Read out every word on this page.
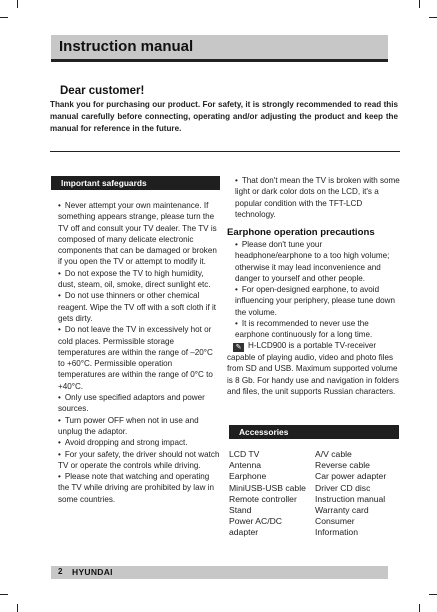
Instruction manual
Dear customer!
Thank you for purchasing our product. For safety, it is strongly recommended to read this manual carefully before connecting, operating and/or adjusting the product and keep the manual for reference in the future.
Important safeguards

• Never attempt your own maintenance. If something appears strange, please turn the TV off and consult your TV dealer. The TV is composed of many delicate electronic components that can be damaged or broken if you open the TV or attempt to modify it.

• Do not expose the TV to high humidity, dust, steam, oil, smoke, direct sunlight etc.

• Do not use thinners or other chemical reagent. Wipe the TV off with a soft cloth if it gets dirty.

• Do not leave the TV in excessively hot or cold places. Permissible storage temperatures are within the range of –20°C to +60°C. Permissible operation temperatures are within the range of 0°C to +40°C.

• Only use specified adaptors and power sources.

• Turn power OFF when not in use and unplug the adaptor.

• Avoid dropping and strong impact.

• For your safety, the driver should not watch TV or operate the controls while driving.

• Please note that watching and operating the TV while driving are prohibited by law in some countries.

• That don't mean the TV is broken with some light or dark color dots on the LCD, it's a popular condition with the TFT-LCD technology.

Earphone operation precautions

• Please don't tune your headphone/earphone to a too high volume; otherwise it may lead inconvenience and danger to yourself and other people.

• For open-designed earphone, to avoid influencing your periphery, please tune down the volume.

• It is recommended to never use the earphone continuously for a long time.

✎ H-LCD900 is a portable TV-receiver capable of playing audio, video and photo files from SD and USB. Maximum supported volume is 8 Gb. For handy use and navigation in folders and files, the unit supports Russian characters.

Accessories
LCD TV	A/V cable
Antenna	Reverse cable
Earphone	Car power adapter
MiniUSB-USB cable	Driver CD disc
Remote controller	Instruction manual
Stand	Warranty card
Power AC/DC	Consumer
adapter	Information
2 HYUNDAI
